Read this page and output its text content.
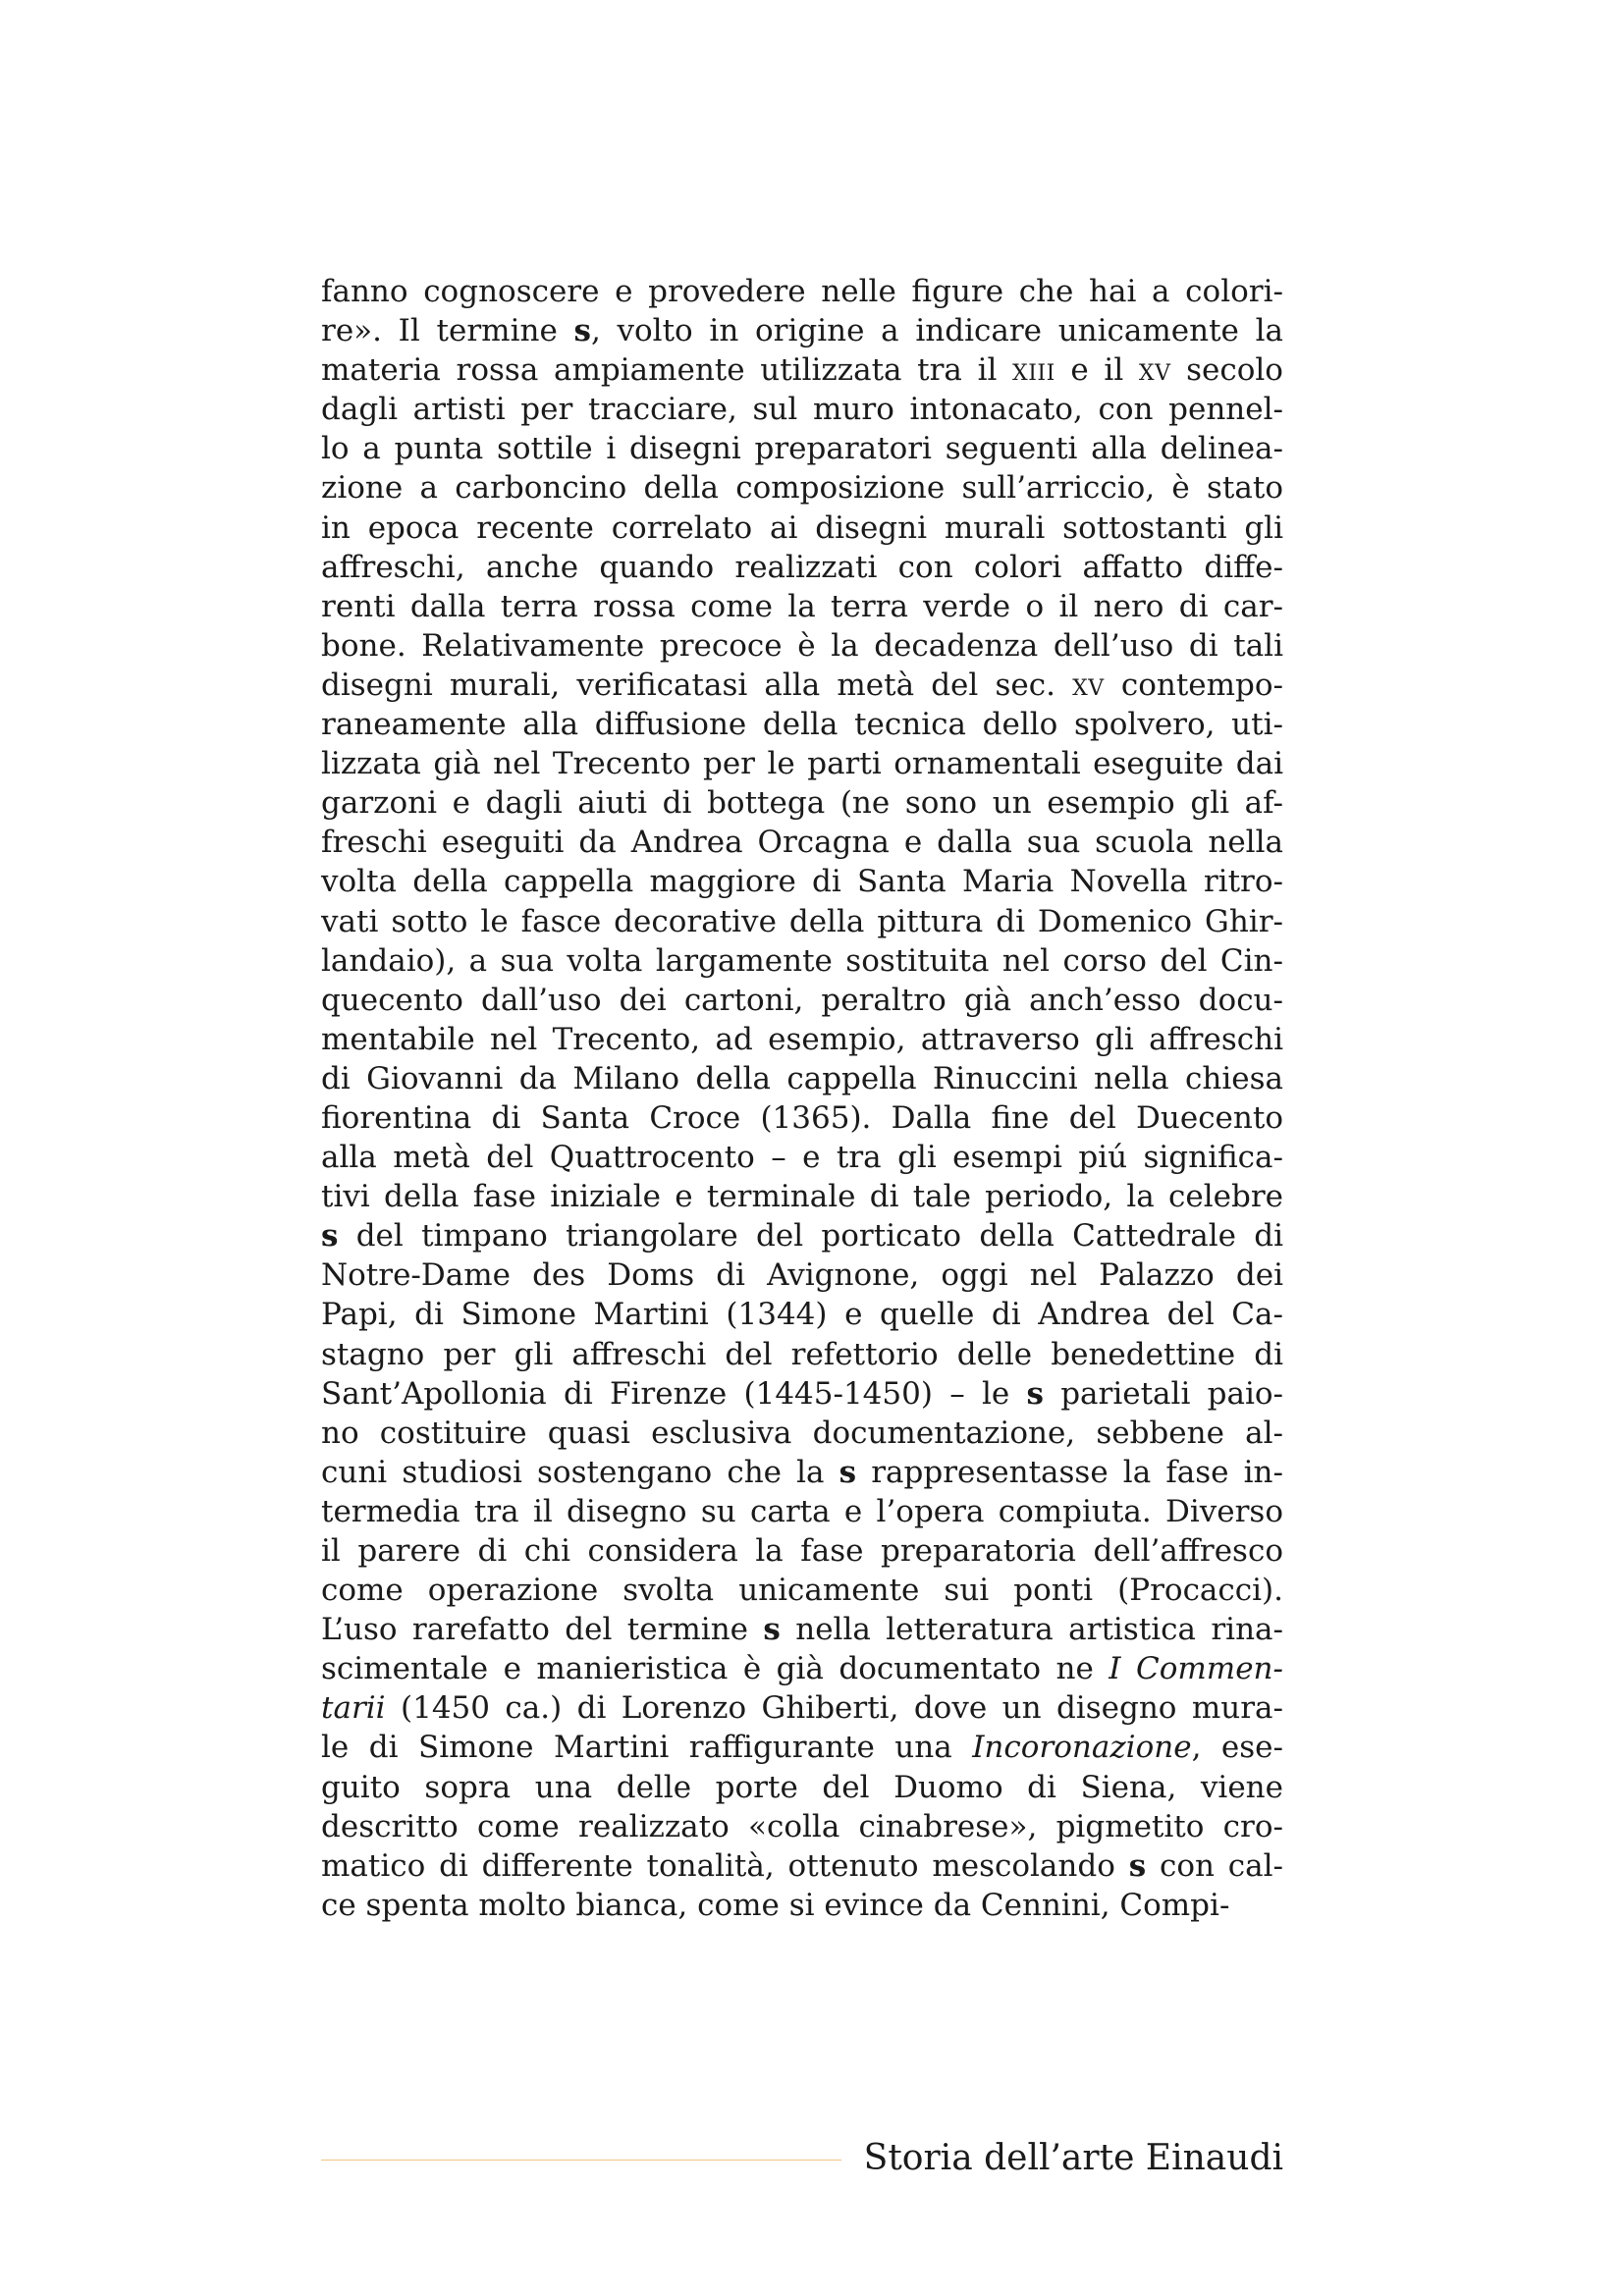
fanno cognoscere e provedere nelle figure che hai a colori-
re». Il termine s, volto in origine a indicare unicamente la
materia rossa ampiamente utilizzata tra il xiii e il xv secolo
dagli artisti per tracciare, sul muro intonacato, con pennel-
lo a punta sottile i disegni preparatori seguenti alla delinea-
zione a carboncino della composizione sull’arriccio, è stato
in epoca recente correlato ai disegni murali sottostanti gli
affreschi, anche quando realizzati con colori affatto diffe-
renti dalla terra rossa come la terra verde o il nero di car-
bone. Relativamente precoce è la decadenza dell’uso di tali
disegni murali, verificatasi alla metà del sec. xv contempo-
raneamente alla diffusione della tecnica dello spolvero, uti-
lizzata già nel Trecento per le parti ornamentali eseguite dai
garzoni e dagli aiuti di bottega (ne sono un esempio gli af-
freschi eseguiti da Andrea Orcagna e dalla sua scuola nella
volta della cappella maggiore di Santa Maria Novella ritro-
vati sotto le fasce decorative della pittura di Domenico Ghir-
landaio), a sua volta largamente sostituita nel corso del Cin-
quecento dall’uso dei cartoni, peraltro già anch’esso docu-
mentabile nel Trecento, ad esempio, attraverso gli affreschi
di Giovanni da Milano della cappella Rinuccini nella chiesa
fiorentina di Santa Croce (1365). Dalla fine del Duecento
alla metà del Quattrocento – e tra gli esempi piú significa-
tivi della fase iniziale e terminale di tale periodo, la celebre
s del timpano triangolare del porticato della Cattedrale di
Notre-Dame des Doms di Avignone, oggi nel Palazzo dei
Papi, di Simone Martini (1344) e quelle di Andrea del Ca-
stagno per gli affreschi del refettorio delle benedettine di
Sant’Apollonia di Firenze (1445-1450) – le s parietali paio-
no costituire quasi esclusiva documentazione, sebbene al-
cuni studiosi sostengano che la s rappresentasse la fase in-
termedia tra il disegno su carta e l’opera compiuta. Diverso
il parere di chi considera la fase preparatoria dell’affresco
come operazione svolta unicamente sui ponti (Procacci).
L’uso rarefatto del termine s nella letteratura artistica rina-
scimentale e manieristica è già documentato ne I Commen-
tarii (1450 ca.) di Lorenzo Ghiberti, dove un disegno mura-
le di Simone Martini raffigurante una Incoronazione, ese-
guito sopra una delle porte del Duomo di Siena, viene
descritto come realizzato «colla cinabrese», pigmetito cro-
matico di differente tonalità, ottenuto mescolando s con cal-
ce spenta molto bianca, come si evince da Cennini, Compi-
Storia dell’arte Einaudi
